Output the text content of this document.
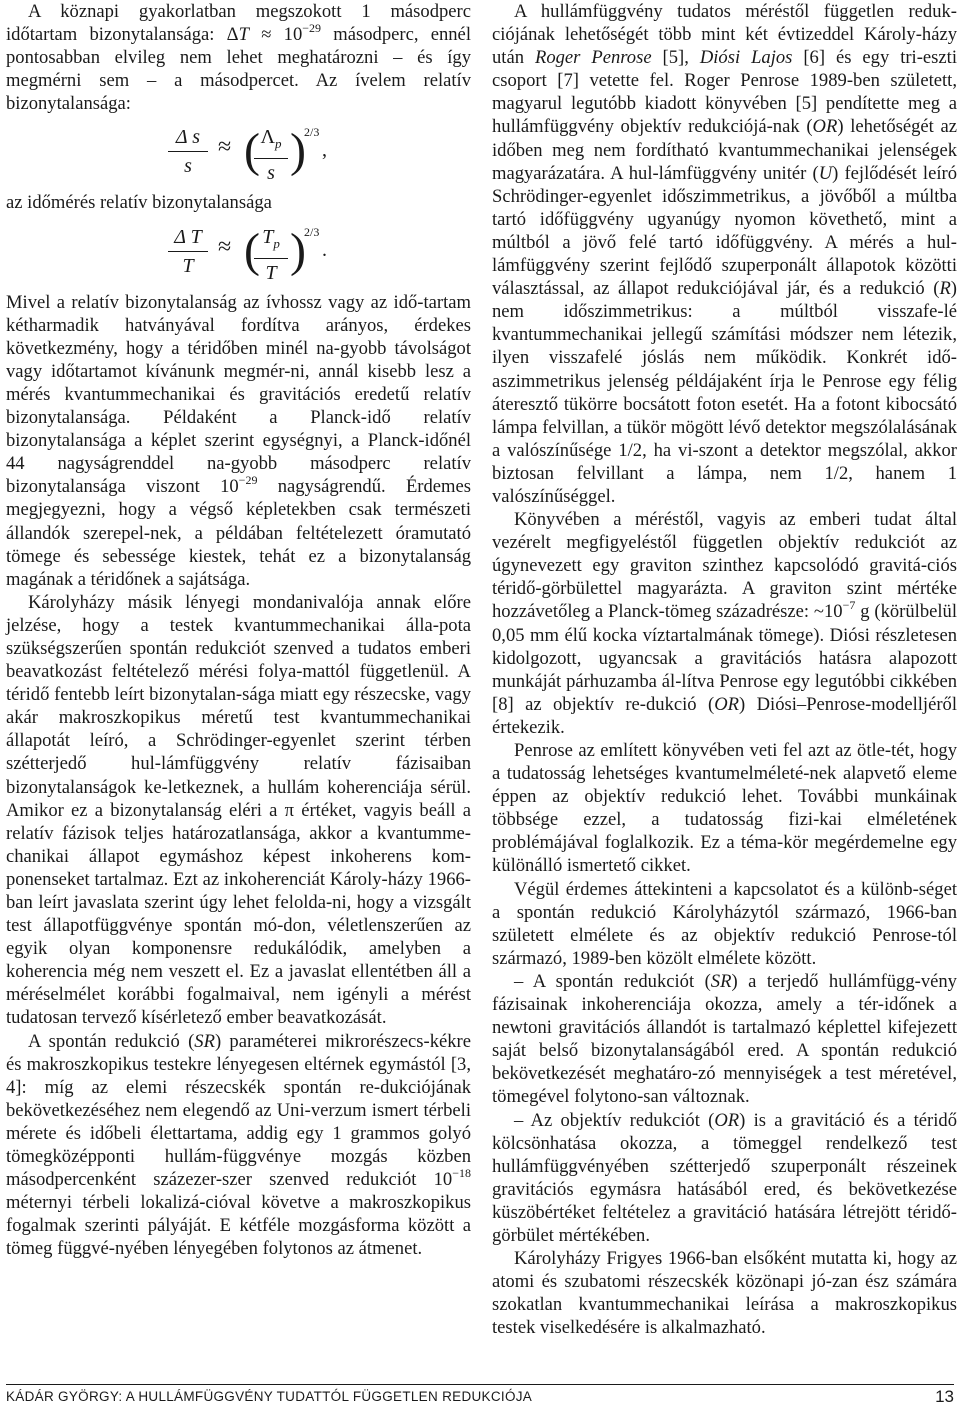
A köznapi gyakorlatban megszokott 1 másodperc időtartam bizonytalansága: $\Delta T \approx 10^{-29}$ másodperc, ennél pontosabban elvileg nem lehet meghatározni – és így megmérni sem – a másodpercet. Az ívelem relatív bizonytalansága:

Δ s
s
≈ ( $\Lambda_p$
s )
2/3
,

az időmérés relatív bizonytalansága

Δ T
T
≈ ( $T_p$
T )
2/3
.

Mivel a relatív bizonytalanság az ívhossz vagy az idő-tartam kétharmadik hatványával fordítva arányos, érdekes következmény, hogy a téridőben minél na-gyobb távolságot vagy időtartamot kívánunk megmér-ni, annál kisebb lesz a mérés kvantummechanikai és gravitációs eredetű relatív bizonytalansága. Példaként a Planck-idő relatív bizonytalansága a képlet szerint egységnyi, a Planck-időnél 44 nagyságrenddel na-gyobb másodperc relatív bizonytalansága viszont $10^{-29}$ nagyságrendű. Érdemes megjegyezni, hogy a végső képletekben csak természeti állandók szerepel-nek, a példában feltételezett óramutató tömege és sebessége kiestek, tehát ez a bizonytalanság magának a téridőnek a sajátsága.

Károlyházy másik lényegi mondanivalója annak előre jelzése, hogy a testek kvantummechanikai álla-pota szükségszerűen spontán redukciót szenved a tudatos emberi beavatkozást feltételező mérési folya-mattól függetlenül. A téridő fentebb leírt bizonytalan-sága miatt egy részecske, vagy akár makroszkopikus méretű test kvantummechanikai állapotát leíró, a Schrödinger-egyenlet szerint térben szétterjedő hul-lámfüggvény relatív fázisaiban bizonytalanságok ke-letkeznek, a hullám koherenciája sérül. Amikor ez a bizonytalanság eléri a π értéket, vagyis beáll a relatív fázisok teljes határozatlansága, akkor a kvantumme-chanikai állapot egymáshoz képest inkoherens kom-ponenseket tartalmaz. Ezt az inkoherenciát Károly-házy 1966-ban leírt javaslata szerint úgy lehet feloldа-ni, hogy a vizsgált test állapotfüggvénye spontán mó-don, véletlenszerűen az egyik olyan komponensre redukálódik, amelyben a koherencia még nem veszett el. Ez a javaslat ellentétben áll a méréselmélet korábbi fogalmaival, nem igényli a mérést tudatosan tervező kísérletező ember beavatkozását.

A spontán redukció (SR) paraméterei mikrorészecs-kékre és makroszkopikus testekre lényegesen eltérnek egymástól [3, 4]: míg az elemi részecskék spontán re-dukciójának bekövetkezéséhez nem elegendő az Uni-verzum ismert térbeli mérete és időbeli élettartama, addig egy 1 grammos golyó tömegközépponti hullám-függvénye mozgás közben másodpercenként százezer-szer szenved redukciót $10^{-18}$ méternyi térbeli lokalizá-cióval követve a makroszkopikus fogalmak szerinti pályáját. E kétféle mozgásforma között a tömeg függvé-nyében lényegében folytonos az átmenet.

A hullámfüggvény tudatos méréstől független reduk-ciójának lehetőségét több mint két évtizeddel Károly-házy után Roger Penrose [5], Diósi Lajos [6] és egy tri-eszti csoport [7] vetette fel. Roger Penrose 1989-ben született, magyarul legutóbb kiadott könyvében [5] pendítette meg a hullámfüggvény objektív redukciójá-nak (OR) lehetőségét az időben meg nem fordítható kvantummechanikai jelenségek magyarázatára. A hul-lámfüggvény unitér (U) fejlődését leíró Schrödinger-egyenlet időszimmetrikus, a jövőből a múltba tartó időfüggvény ugyanúgy nyomon követhető, mint a múltból a jövő felé tartó időfüggvény. A mérés a hul-lámfüggvény szerint fejlődő szuperponált állapotok közötti választással, az állapot redukciójával jár, és a redukció (R) nem időszimmetrikus: a múltból visszafe-lé kvantummechanikai jellegű számítási módszer nem létezik, ilyen visszafelé jóslás nem működik. Konkrét idő-aszimmetrikus jelenség példájaként írja le Penrose egy félig áteresztő tükörre bocsátott foton esetét. Ha a fotont kibocsátó lámpa felvillan, a tükör mögött lévő detektor megszólalásának a valószínűsége 1/2, ha vi-szont a detektor megszólal, akkor biztosan felvillant a lámpa, nem 1/2, hanem 1 valószínűséggel.

Könyvében a méréstől, vagyis az emberi tudat által vezérelt megfigyeléstől független objektív redukciót az úgynevezett egy graviton szinthez kapcsolódó gravitá-ciós téridő-görbülettel magyarázta. A graviton szint mértéke hozzávetőleg a Planck-tömeg századrésze: $\sim 10^{-7}$ g (körülbelül 0,05 mm élű kocka víztartalmának tömege). Diósi részletesen kidolgozott, ugyancsak a gravitációs hatásra alapozott munkáját párhuzamba ál-lítva Penrose egy legutóbbi cikkében [8] az objektív re-dukció (OR) Diósi–Penrose-modelljéről értekezik.

Penrose az említett könyvében veti fel azt az ötle-tét, hogy a tudatosság lehetséges kvantumelméleté-nek alapvető eleme éppen az objektív redukció lehet. További munkáinak többsége ezzel, a tudatosság fizi-kai elméletének problémájával foglalkozik. Ez a téma-kör megérdemelne egy különálló ismertető cikket.

Végül érdemes áttekinteni a kapcsolatot és a különb-séget a spontán redukció Károlyházytól származó, 1966-ban született elmélete és az objektív redukció Penrose-tól származó, 1989-ben közölt elmélete között.

– A spontán redukciót (SR) a terjedő hullámfügg-vény fázisainak inkoherenciája okozza, amely a tér-időnek a newtoni gravitációs állandót is tartalmazó képlettel kifejezett saját belső bizonytalanságából ered. A spontán redukció bekövetkezését meghatáro-zó mennyiségek a test méretével, tömegével folytono-san változnak.

– Az objektív redukciót (OR) is a gravitáció és a téridő kölcsönhatása okozza, a tömeggel rendelkező test hullámfüggvényében szétterjedő szuperponált részeinek gravitációs egymásra hatásából ered, és bekövetkezése küszöbértéket feltételez a gravitáció hatására létrejött téridő-görbület mértékében.

Károlyházy Frigyes 1966-ban elsőként mutatta ki, hogy az atomi és szubatomi részecskék közönapi jó-zan ész számára szokatlan kvantummechanikai leírása a makroszkopikus testek viselkedésére is alkalmazható.

KÁDÁR GYÖRGY: A HULLÁMFÜGGVÉNY TUDATTÓL FÜGGETLEN REDUKCIÓJA	13
